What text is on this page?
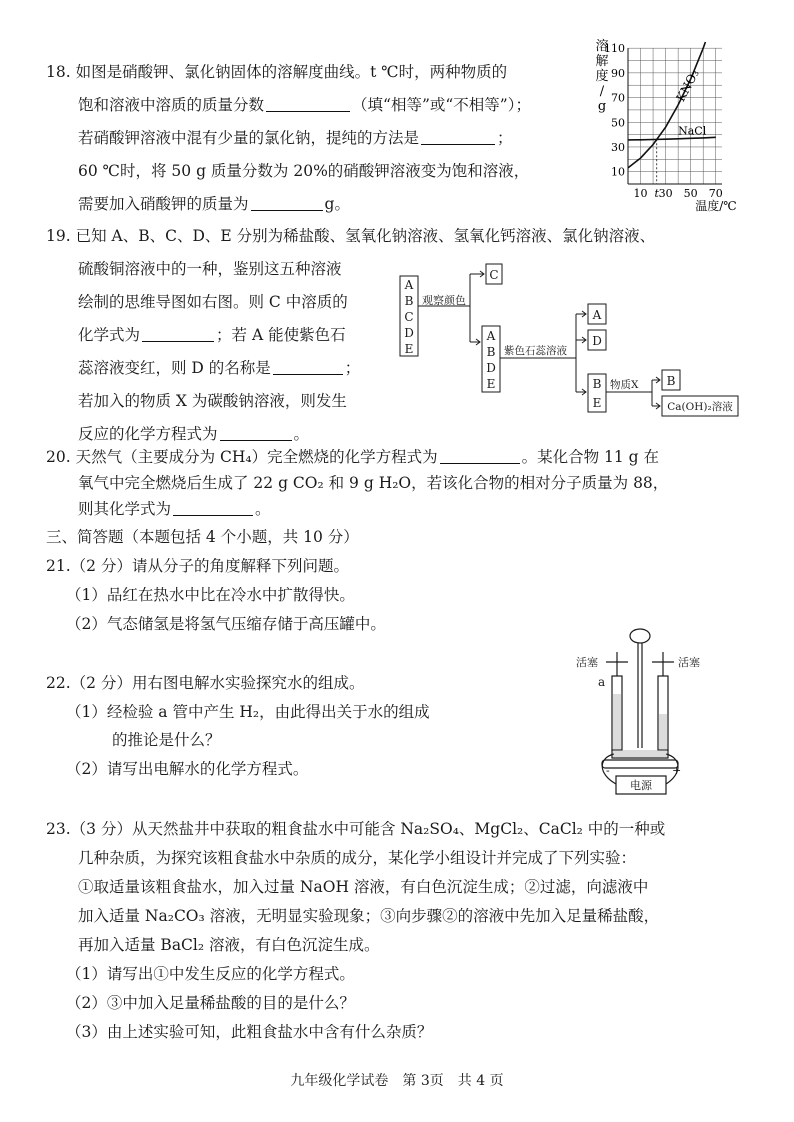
18. 如图是硝酸钾、氯化钠固体的溶解度曲线。t ℃时，两种物质的
饱和溶液中溶质的质量分数	（填“相等”或“不相等”）；
若硝酸钾溶液中混有少量的氯化钠，提纯的方法是	；
60 ℃时，将 50 g 质量分数为 20%的硝酸钾溶液变为饱和溶液，
需要加入硝酸钾的质量为	g。
溶解度/ g
110
90
70
50
30
10
10 t 30 50 70
KNO₃
NaCl
温度/℃
19. 已知 A、B、C、D、E 分别为稀盐酸、氢氧化钠溶液、氢氧化钙溶液、氯化钠溶液、
硫酸铜溶液中的一种，鉴别这五种溶液
绘制的思维导图如右图。则 C 中溶质的
化学式为	；若 A 能使紫色石
蕊溶液变红，则 D 的名称是	；
若加入的物质 X 为碳酸钠溶液，则发生
反应的化学方程式为	。
A
B
C
D
E
观察颜色
C
A
B
D
E
紫色石蕊溶液
A
D
B
E
物质X B
Ca(OH)₂溶液
20. 天然气（主要成分为 CH₄）完全燃烧的化学方程式为	。某化合物 11 g 在
氧气中完全燃烧后生成了 22 g CO₂ 和 9 g H₂O，若该化合物的相对分子质量为 88，
则其化学式为	。
三、简答题（本题包括 4 个小题，共 10 分）
21.（2 分）请从分子的角度解释下列问题。
（1）品红在热水中比在冷水中扩散得快。
（2）气态储氢是将氢气压缩存储于高压罐中。
22.（2 分）用右图电解水实验探究水的组成。
（1）经检验 a 管中产生 H₂，由此得出关于水的组成
的推论是什么？
（2）请写出电解水的化学方程式。
活塞	活塞
a
电源
-	+
23.（3 分）从天然盐井中获取的粗食盐水中可能含 Na₂SO₄、MgCl₂、CaCl₂ 中的一种或
几种杂质，为探究该粗食盐水中杂质的成分，某化学小组设计并完成了下列实验：
①取适量该粗食盐水，加入过量 NaOH 溶液，有白色沉淀生成；②过滤，向滤液中
加入适量 Na₂CO₃ 溶液，无明显实验现象；③向步骤②的溶液中先加入足量稀盐酸，
再加入适量 BaCl₂ 溶液，有白色沉淀生成。
（1）请写出①中发生反应的化学方程式。
（2）③中加入足量稀盐酸的目的是什么？
（3）由上述实验可知，此粗食盐水中含有什么杂质？
九年级化学试卷　第 3页　共 4 页
